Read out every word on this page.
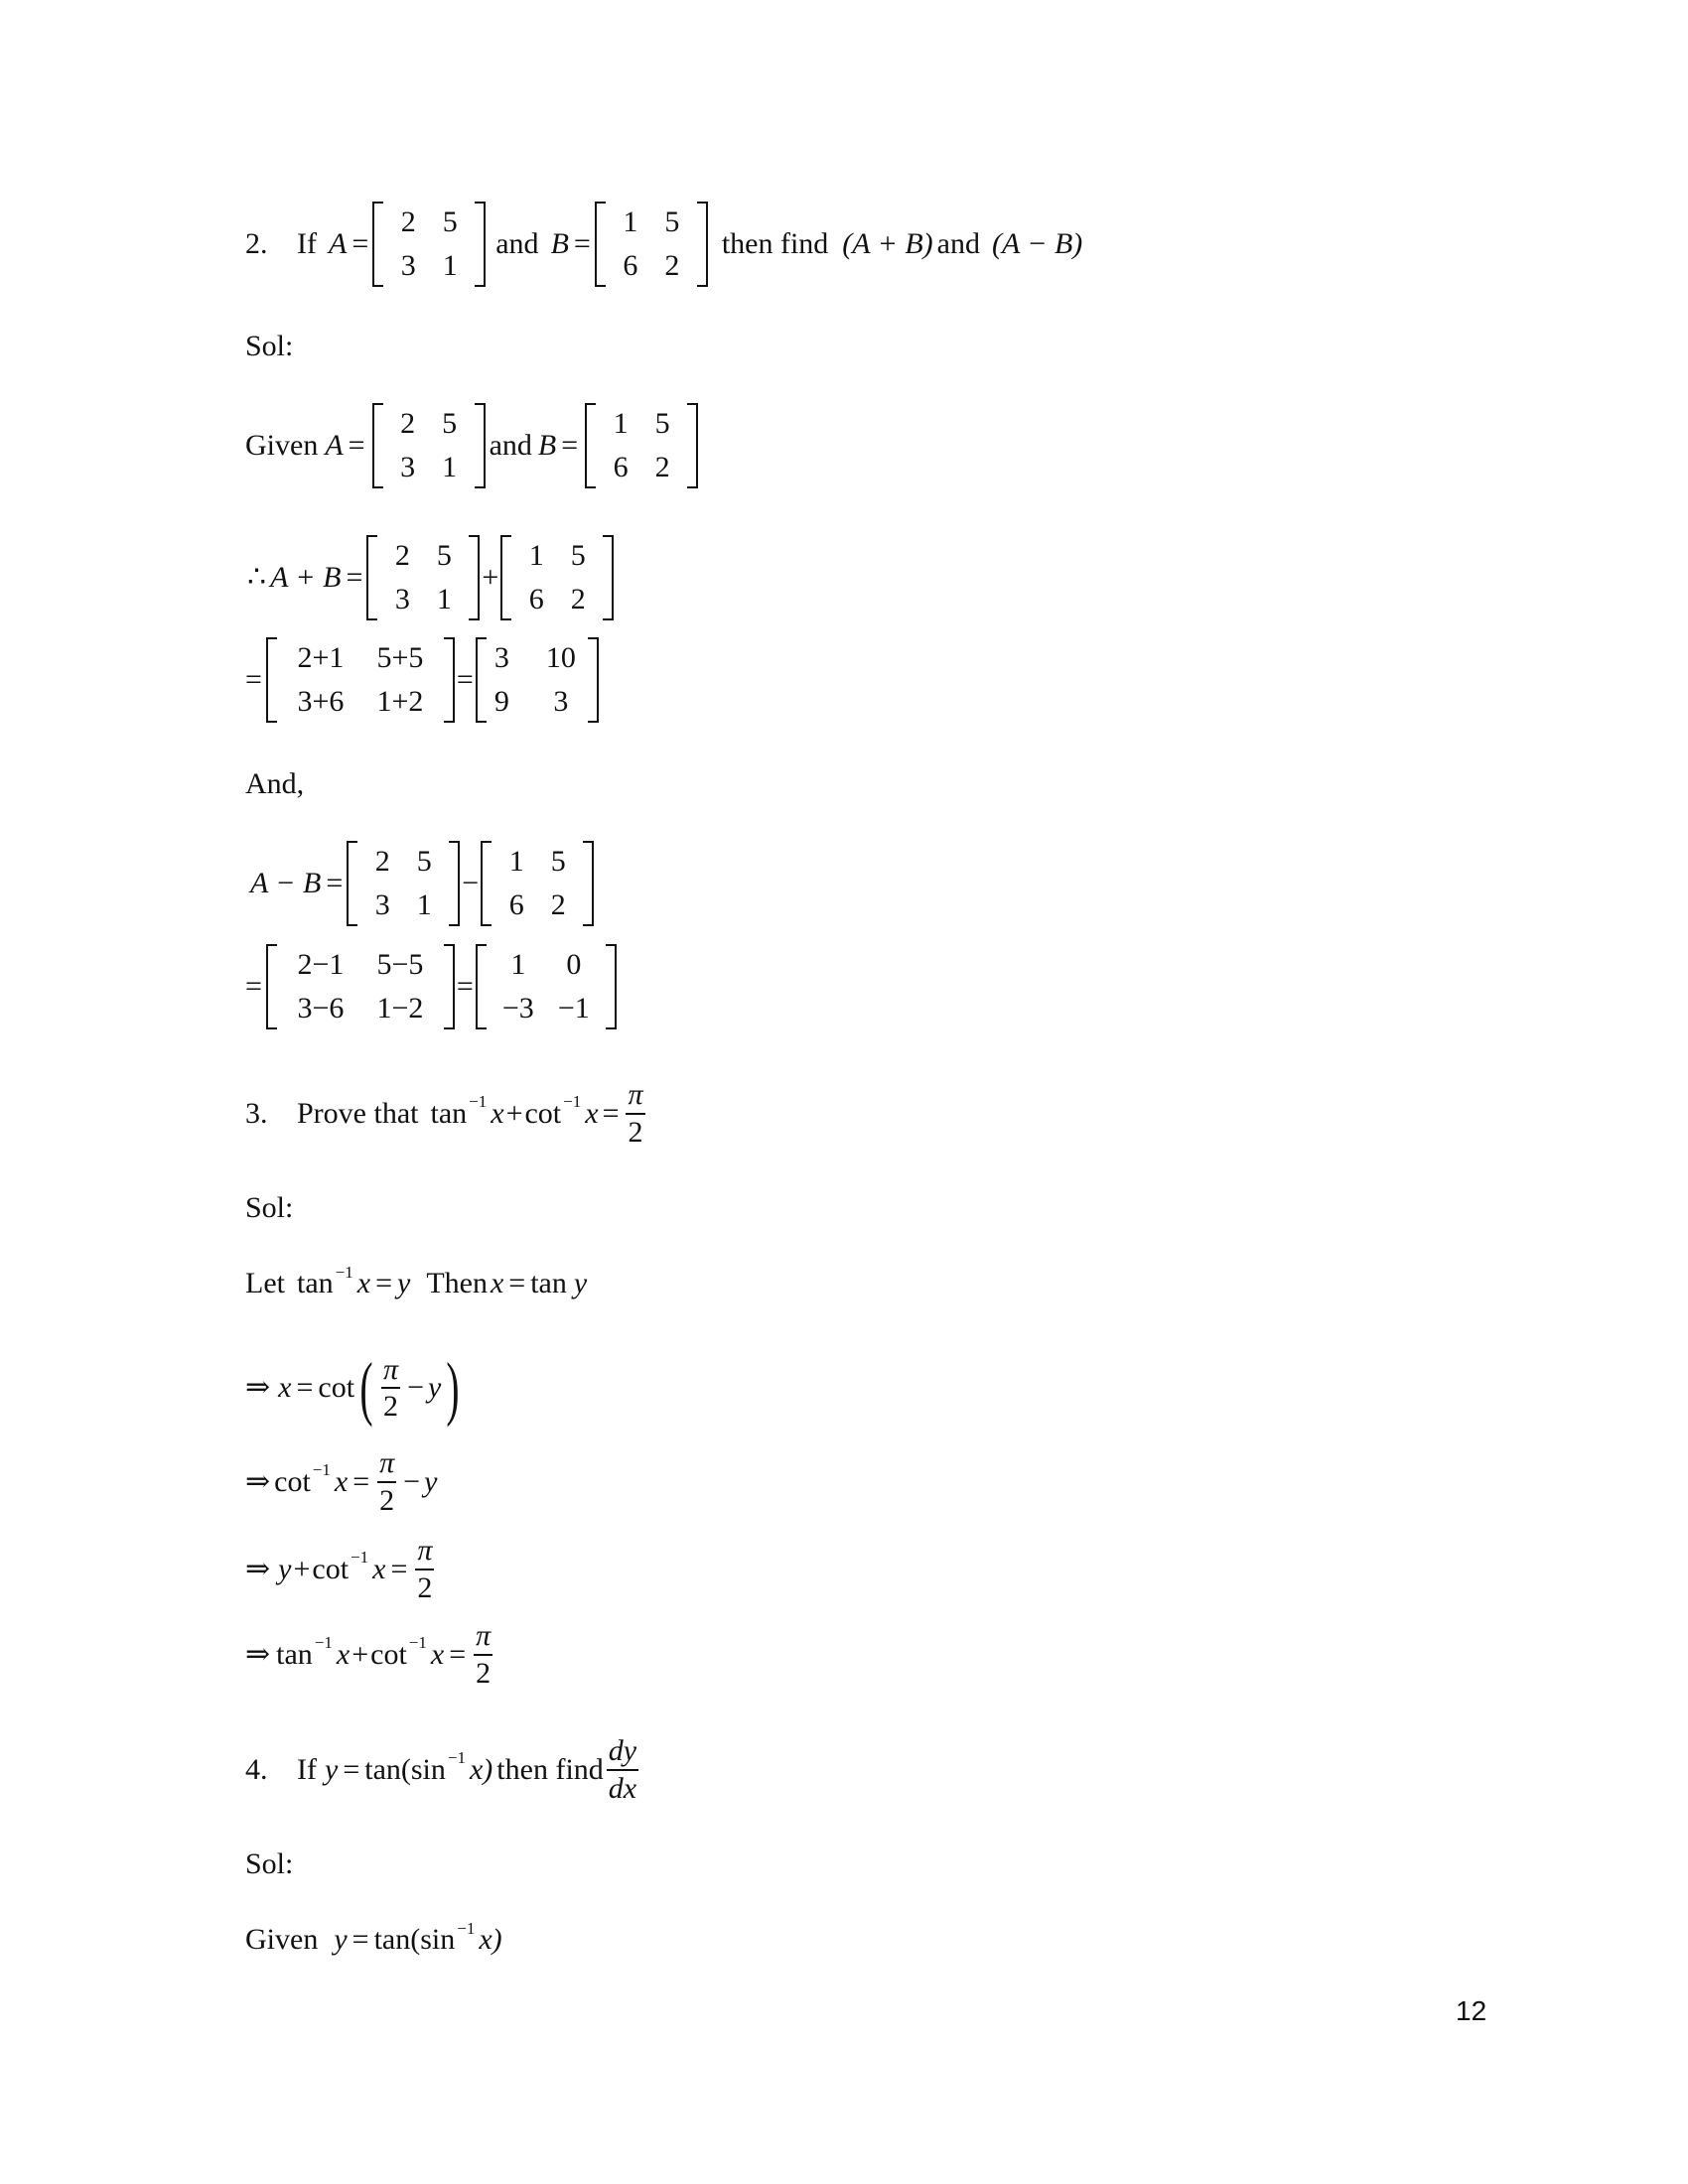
2. If A =
2 5
3 1
and B =
1 5
6 2
then find (A + B) and (A − B)
Sol:
Given A =
2 5
3 1
and B =
1 5
6 2
∴ A + B =
2 5
3 1
+
1 5
6 2
=
2+1	5+5
3+6	1+2
=
3	10
9	3
And,
A − B =
2 5
3 1
−
1 5
6 2
=
2−1	5−5
3−6	1−2
=
1	0
−3 −1
3. Prove that tan −1 x + cot −1 $x = \frac{\pi}{2}$
Sol:
Let tan −1 x = y Then x = tan y
⇒ x = cot ( $\frac{\pi}{2} - y$ )
⇒ cot −1 $x = \frac{\pi}{2} - y$
⇒ y + cot −1 $x = \frac{\pi}{2}$
⇒ tan −1 x + cot −1 $x = \frac{\pi}{2}$
4. If y = tan(sin −1 x) then find $\frac{dy}{dx}$
Sol:
Given y = tan(sin −1 x)
12
